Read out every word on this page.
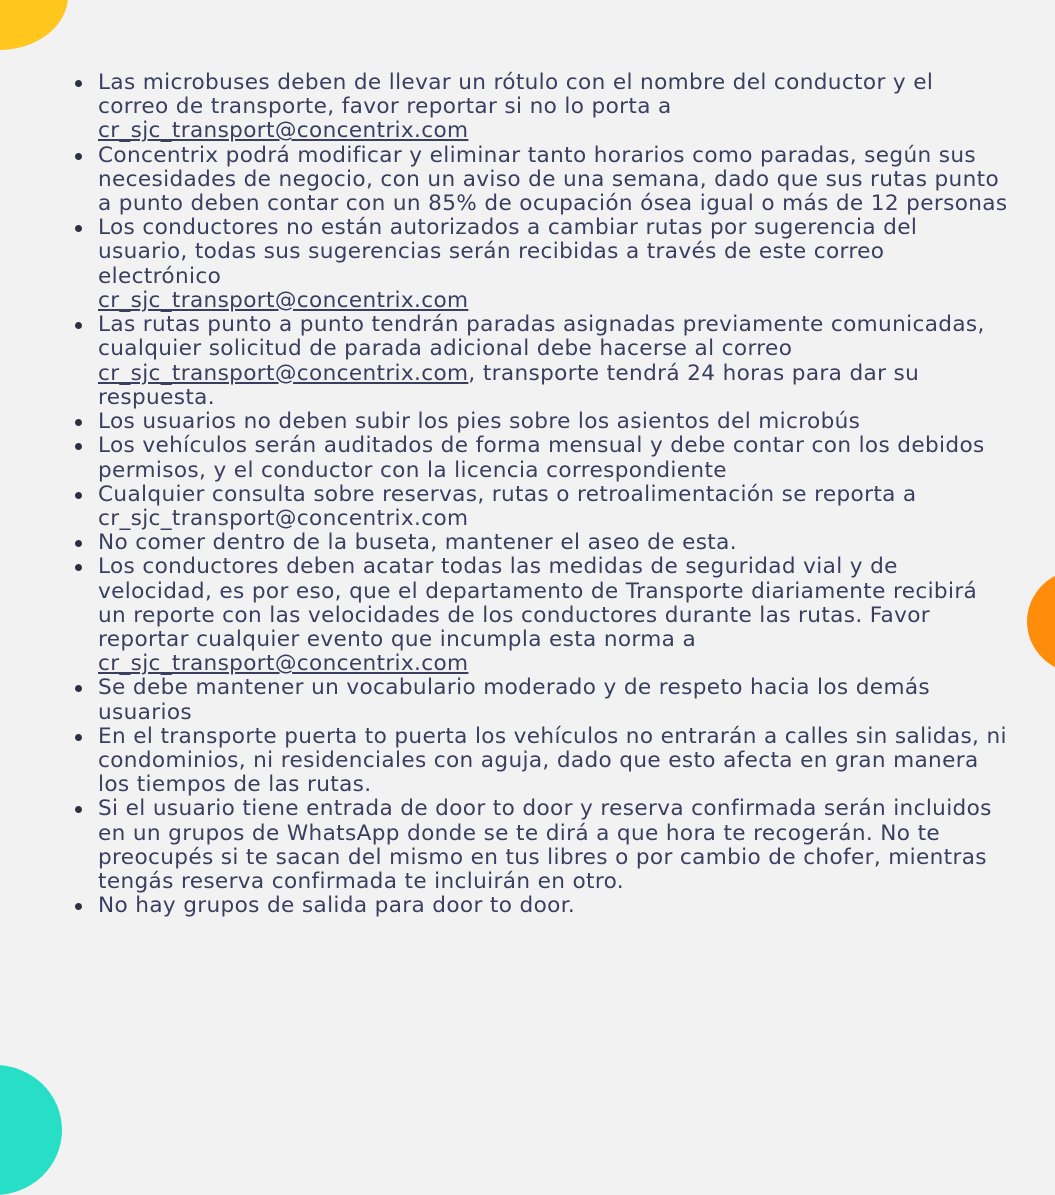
Las microbuses deben de llevar un rótulo con el nombre del conductor y el correo de transporte, favor reportar si no lo porta a cr_sjc_transport@concentrix.com
Concentrix podrá modificar y eliminar tanto horarios como paradas, según sus necesidades de negocio, con un aviso de una semana, dado que sus rutas punto a punto deben contar con un 85% de ocupación ósea igual o más de 12 personas
Los conductores no están autorizados a cambiar rutas por sugerencia del usuario, todas sus sugerencias serán recibidas a través de este correo electrónico
cr_sjc_transport@concentrix.com
Las rutas punto a punto tendrán paradas asignadas previamente comunicadas, cualquier solicitud de parada adicional debe hacerse al correo
cr_sjc_transport@concentrix.com, transporte tendrá 24 horas para dar su respuesta.
Los usuarios no deben subir los pies sobre los asientos del microbús
Los vehículos serán auditados de forma mensual y debe contar con los debidos permisos, y el conductor con la licencia correspondiente
Cualquier consulta sobre reservas, rutas o retroalimentación se reporta a cr_sjc_transport@concentrix.com
No comer dentro de la buseta, mantener el aseo de esta.
Los conductores deben acatar todas las medidas de seguridad vial y de velocidad, es por eso, que el departamento de Transporte diariamente recibirá un reporte con las velocidades de los conductores durante las rutas. Favor reportar cualquier evento que incumpla esta norma a
cr_sjc_transport@concentrix.com
Se debe mantener un vocabulario moderado y de respeto hacia los demás usuarios
En el transporte puerta to puerta los vehículos no entrarán a calles sin salidas, ni condominios, ni residenciales con aguja, dado que esto afecta en gran manera los tiempos de las rutas.
Si el usuario tiene entrada de door to door y reserva confirmada serán incluidos en un grupos de WhatsApp donde se te dirá a que hora te recogerán. No te preocupés si te sacan del mismo en tus libres o por cambio de chofer, mientras tengás reserva confirmada te incluirán en otro.
No hay grupos de salida para door to door.
